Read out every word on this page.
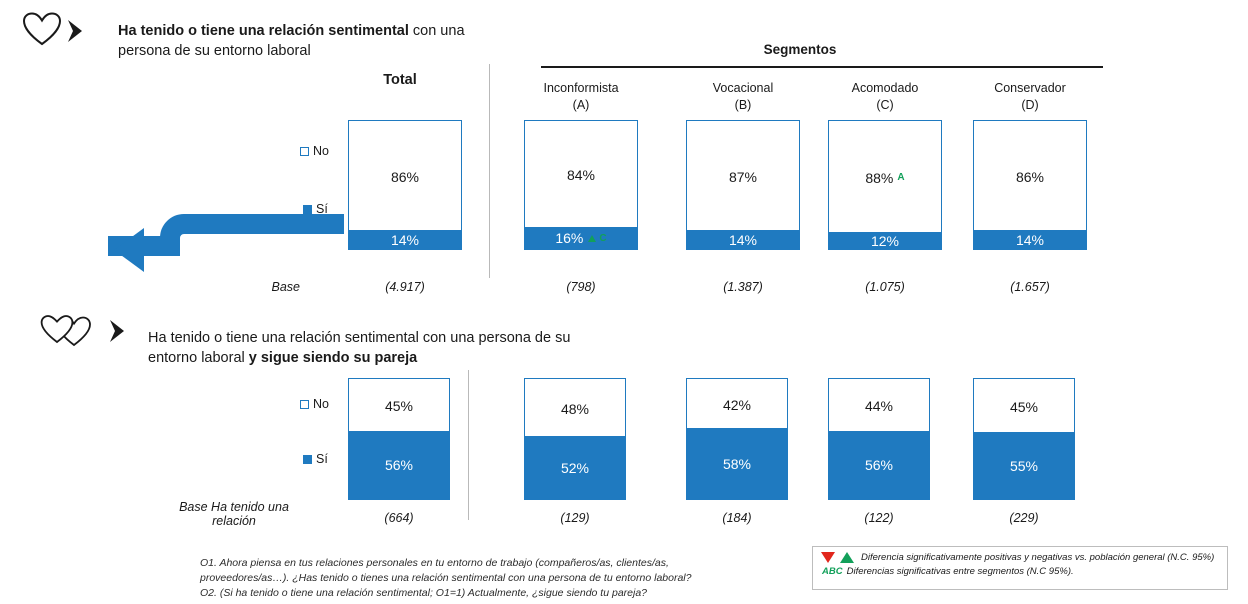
Ha tenido o tiene una relación sentimental con una persona de su entorno laboral	Segmentos
Total	Inconformista
(A)
Vocacional
(B)
Acomodado
(C)
Conservador
(D)
No
Sí
86%
14%
84%
16% C
87%
14%
88% A
12%
86%
14%
Base	(4.917)	(798)	(1.387)	(1.075)	(1.657)
Ha tenido o tiene una relación sentimental con una persona de su entorno laboral y sigue siendo su pareja
No
Sí
45%
56%
48%
52%
42%
58%
44%
56%
45%
55%
Base Ha tenido una relación	(664)	(129)	(184)	(122)	(229)
O1. Ahora piensa en tus relaciones personales en tu entorno de trabajo (compañeros/as, clientes/as,
proveedores/as…). ¿Has tenido o tienes una relación sentimental con una persona de tu entorno laboral?
O2. (Si ha tenido o tiene una relación sentimental; O1=1) Actualmente, ¿sigue siendo tu pareja?
Diferencia significativamente positivas y negativas vs. población general (N.C. 95%)
ABC Diferencias significativas entre segmentos (N.C 95%).
